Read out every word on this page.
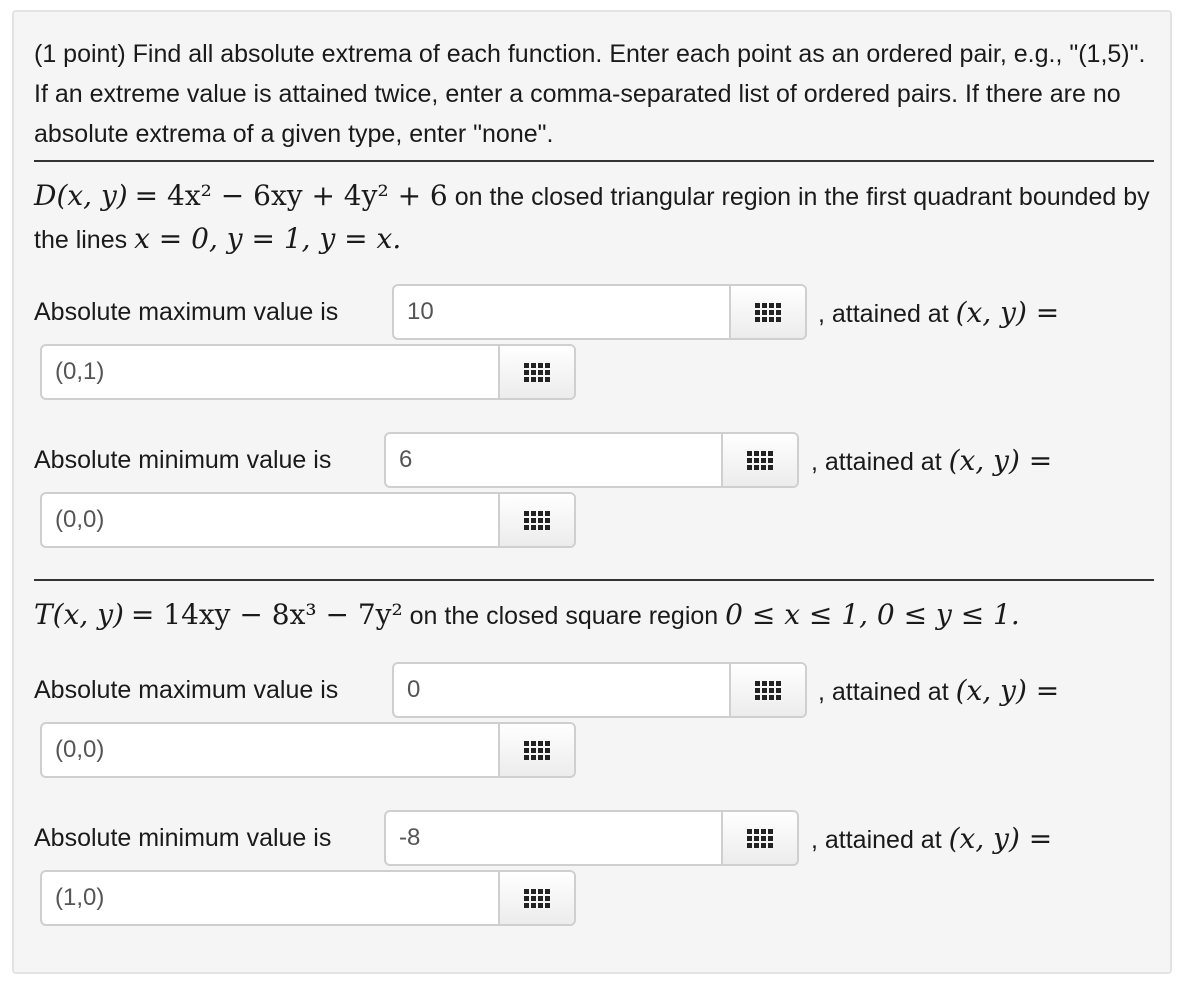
(1 point) Find all absolute extrema of each function. Enter each point as an ordered pair, e.g., "(1,5)". If an extreme value is attained twice, enter a comma-separated list of ordered pairs. If there are no absolute extrema of a given type, enter "none".
D(x, y) = 4x² − 6xy + 4y² + 6 on the closed triangular region in the first quadrant bounded by the lines x = 0, y = 1, y = x.
Absolute maximum value is	10	, attained at (x, y) =
(0,1)
Absolute minimum value is	6	, attained at (x, y) =
(0,0)
T(x, y) = 14xy − 8x³ − 7y² on the closed square region 0 ≤ x ≤ 1, 0 ≤ y ≤ 1.
Absolute maximum value is	0	, attained at (x, y) =
(0,0)
Absolute minimum value is	-8	, attained at (x, y) =
(1,0)
